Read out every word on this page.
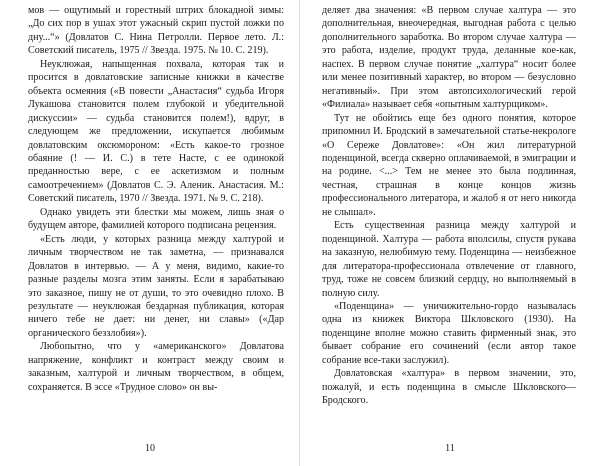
мов — ощутимый и горестный штрих блокадной зимы: „До сих пор в ушах этот ужасный скрип пустой ложки по дну...“» (Довлатов С. Нина Петролли. Первое лето. Л.: Советский писатель, 1975 // Звезда. 1975. № 10. С. 219).

Неуклюжая, напыщенная похвала, которая так и просится в довлатовские записные книжки в качестве объекта осмеяния («В повести „Анастасия“ судьба Игоря Лукашова становится полем глубокой и убедительной дискуссии» — судьба становится полем!), вдруг, в следующем же предложении, искупается любимым довлатовским оксюмороном: «Есть какое-то грозное обаяние (! — И. С.) в тете Насте, с ее одинокой преданностью вере, с ее аскетизмом и полным самоотречением» (Довлатов С. Э. Аленик. Анастасия. М.: Советский писатель, 1970 // Звезда. 1971. № 9. С. 218).

Однако увидеть эти блестки мы можем, лишь зная о будущем авторе, фамилией которого подписана рецензия.

«Есть люди, у которых разница между халтурой и личным творчеством не так заметна, — признавался Довлатов в интервью. — А у меня, видимо, какие-то разные разделы мозга этим заняты. Если я зарабатываю это заказное, пишу не от души, то это очевидно плохо. В результате — неуклюжая бездарная публикация, которая ничего тебе не дает: ни денег, ни славы» («Дар органического беззлобия»).

Любопытно, что у «американского» Довлатова напряжение, конфликт и контраст между своим и заказным, халтурой и личным творчеством, в общем, сохраняется. В эссе «Трудное слово» он вы-

10

деляет два значения: «В первом случае халтура — это дополнительная, внеочередная, выгодная работа с целью дополнительного заработка. Во втором случае халтура — это работа, изделие, продукт труда, деланные кое-как, наспех. В первом случае понятие „халтура“ носит более или менее позитивный характер, во втором — безусловно негативный». При этом автопсихологический герой «Филиала» называет себя «опытным халтурщиком».

Тут не обойтись еще без одного понятия, которое припомнил И. Бродский в замечательной статье-некрологе «О Сереже Довлатове»: «Он жил литературной поденщиной, всегда скверно оплачиваемой, в эмиграции и на родине. <...> Тем не менее это была подлинная, честная, страшная в конце концов жизнь профессионального литератора, и жалоб я от него никогда не слышал».

Есть существенная разница между халтурой и поденщиной. Халтура — работа вполсилы, спустя рукава на заказную, нелюбимую тему. Поденщина — неизбежное для литератора-профессионала отвлечение от главного, труд, тоже не совсем близкий сердцу, но выполняемый в полную силу.

«Поденщина» — уничижительно-гордо называлась одна из книжек Виктора Шкловского (1930). На поденщине вполне можно ставить фирменный знак, это бывает собрание его сочинений (если автор такое собрание все-таки заслужил).

Довлатовская «халтура» в первом значении, это, пожалуй, и есть поденщина в смысле Шкловского—Бродского.

11
